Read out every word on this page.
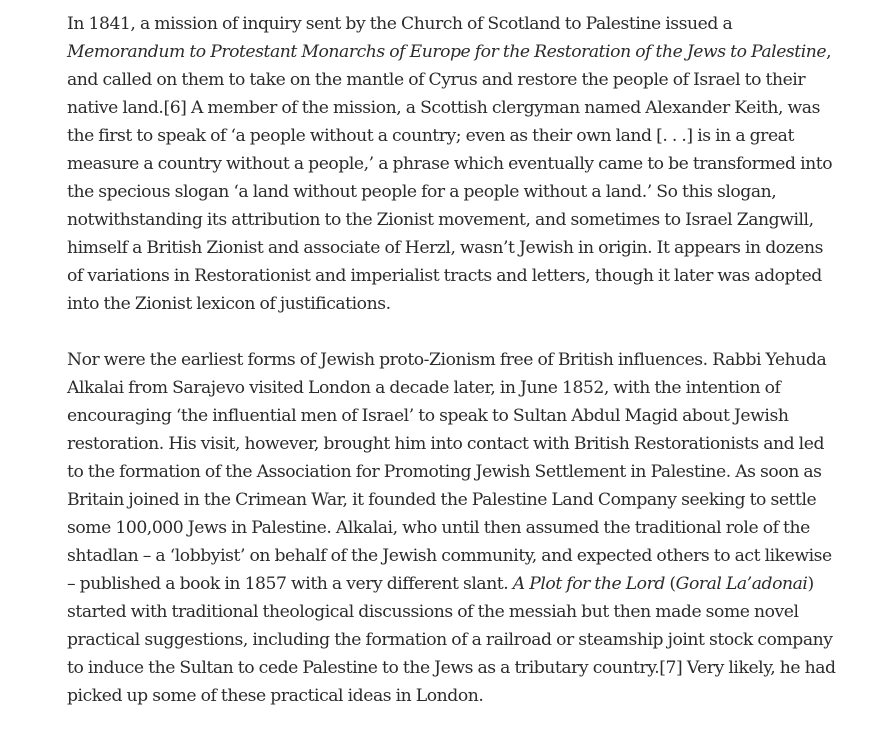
In 1841, a mission of inquiry sent by the Church of Scotland to Palestine issued a Memorandum to Protestant Monarchs of Europe for the Restoration of the Jews to Palestine, and called on them to take on the mantle of Cyrus and restore the people of Israel to their native land.[6] A member of the mission, a Scottish clergyman named Alexander Keith, was the first to speak of ‘a people without a country; even as their own land [. . .] is in a great measure a country without a people,’ a phrase which eventually came to be transformed into the specious slogan ‘a land without people for a people without a land.’ So this slogan, notwithstanding its attribution to the Zionist movement, and sometimes to Israel Zangwill, himself a British Zionist and associate of Herzl, wasn’t Jewish in origin. It appears in dozens of variations in Restorationist and imperialist tracts and letters, though it later was adopted into the Zionist lexicon of justifications.

Nor were the earliest forms of Jewish proto-Zionism free of British influences. Rabbi Yehuda Alkalai from Sarajevo visited London a decade later, in June 1852, with the intention of encouraging ‘the influential men of Israel’ to speak to Sultan Abdul Magid about Jewish restoration. His visit, however, brought him into contact with British Restorationists and led to the formation of the Association for Promoting Jewish Settlement in Palestine. As soon as Britain joined in the Crimean War, it founded the Palestine Land Company seeking to settle some 100,000 Jews in Palestine. Alkalai, who until then assumed the traditional role of the shtadlan – a ‘lobbyist’ on behalf of the Jewish community, and expected others to act likewise – published a book in 1857 with a very different slant. A Plot for the Lord (Goral La’adonai) started with traditional theological discussions of the messiah but then made some novel practical suggestions, including the formation of a railroad or steamship joint stock company to induce the Sultan to cede Palestine to the Jews as a tributary country.[7] Very likely, he had picked up some of these practical ideas in London.
